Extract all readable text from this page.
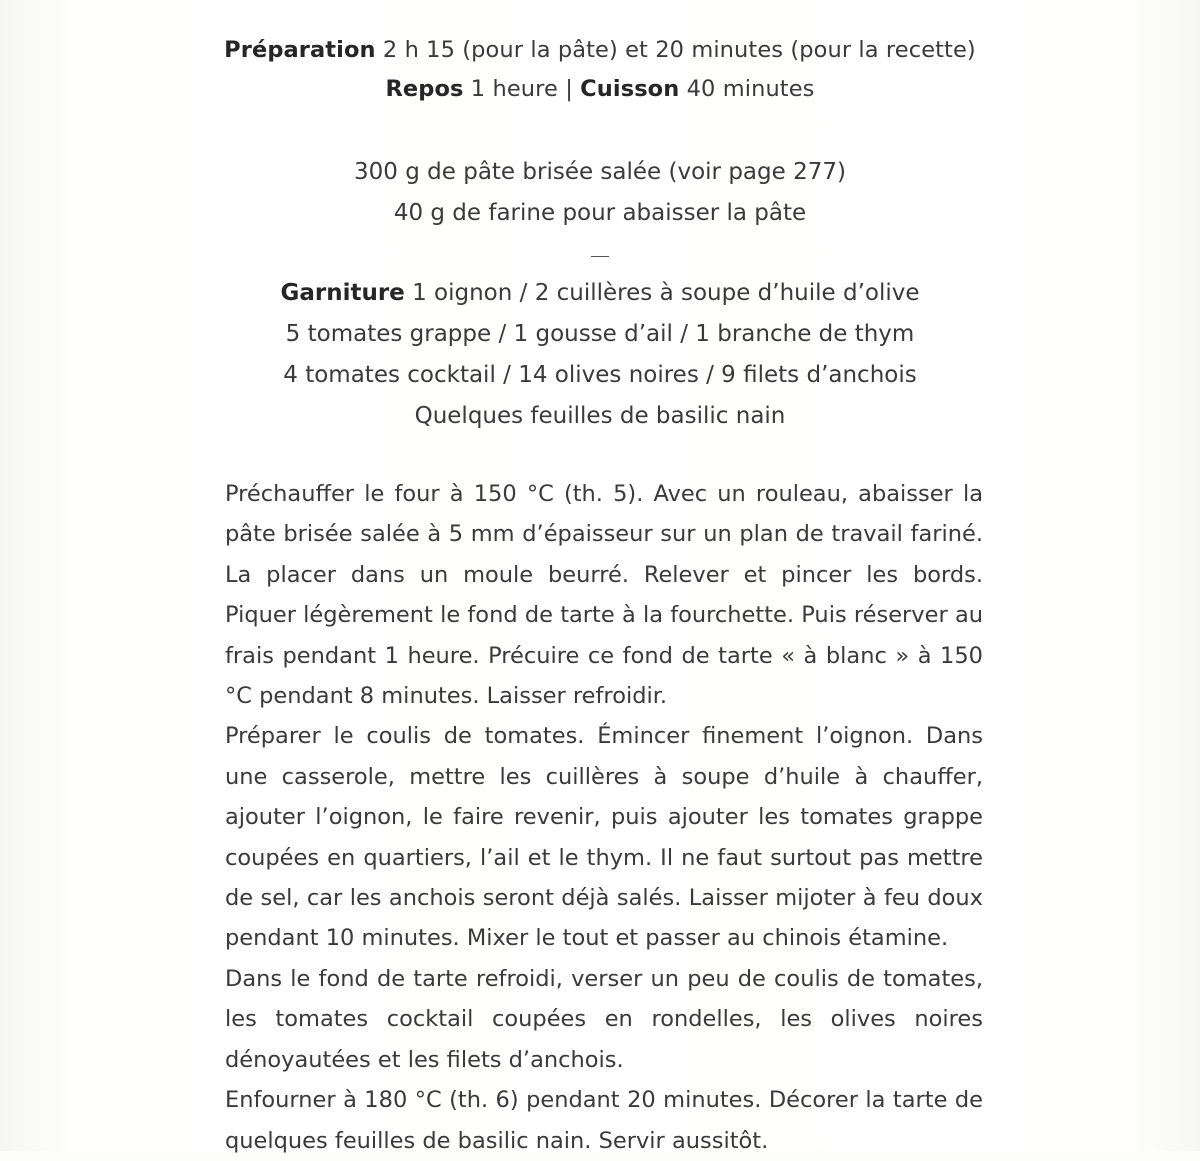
Préparation 2 h 15 (pour la pâte) et 20 minutes (pour la recette)
Repos 1 heure | Cuisson 40 minutes
300 g de pâte brisée salée (voir page 277)
40 g de farine pour abaisser la pâte
Garniture 1 oignon / 2 cuillères à soupe d’huile d’olive
5 tomates grappe / 1 gousse d’ail / 1 branche de thym
4 tomates cocktail / 14 olives noires / 9 filets d’anchois
Quelques feuilles de basilic nain

Préchauffer le four à 150 °C (th. 5). Avec un rouleau, abaisser la pâte brisée salée à 5 mm d’épaisseur sur un plan de travail fariné. La placer dans un moule beurré. Relever et pincer les bords. Piquer légèrement le fond de tarte à la fourchette. Puis réserver au frais pendant 1 heure. Précuire ce fond de tarte « à blanc » à 150 °C pendant 8 minutes. Laisser refroidir.

Préparer le coulis de tomates. Émincer finement l’oignon. Dans une casserole, mettre les cuillères à soupe d’huile à chauffer, ajouter l’oignon, le faire revenir, puis ajouter les tomates grappe coupées en quartiers, l’ail et le thym. Il ne faut surtout pas mettre de sel, car les anchois seront déjà salés. Laisser mijoter à feu doux pendant 10 minutes. Mixer le tout et passer au chinois étamine.

Dans le fond de tarte refroidi, verser un peu de coulis de tomates, les tomates cocktail coupées en rondelles, les olives noires dénoyautées et les filets d’anchois.

Enfourner à 180 °C (th. 6) pendant 20 minutes. Décorer la tarte de quelques feuilles de basilic nain. Servir aussitôt.
